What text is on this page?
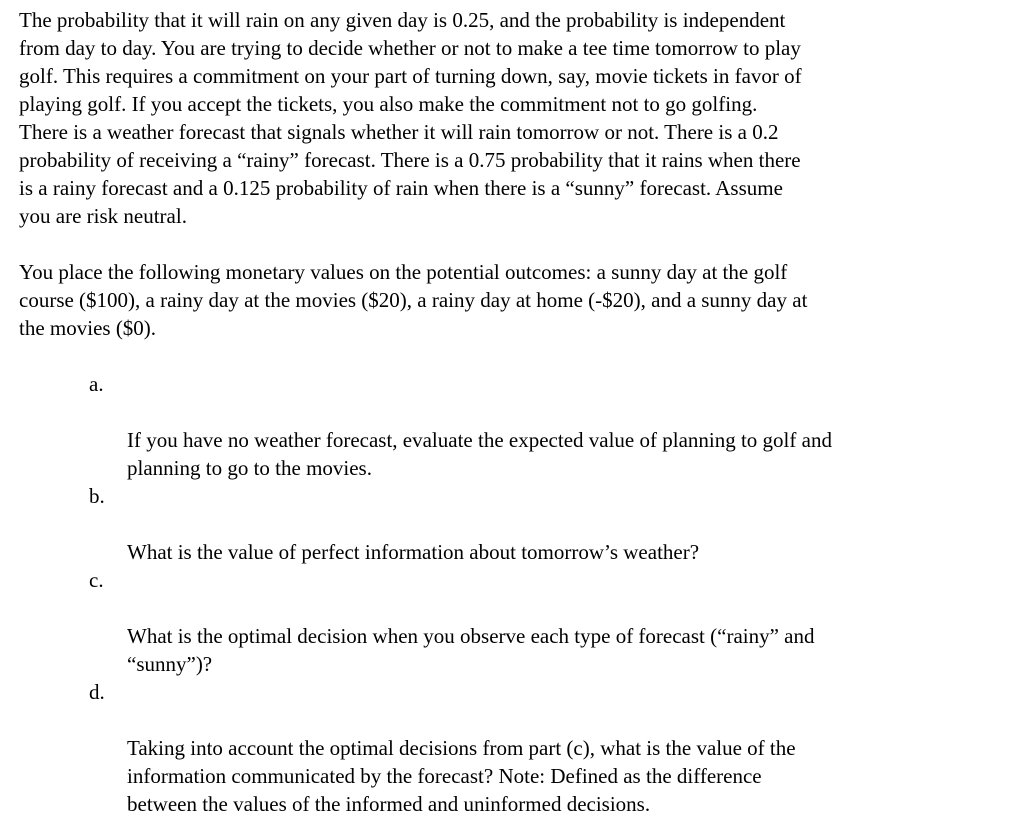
The probability that it will rain on any given day is 0.25, and the probability is independent
from day to day. You are trying to decide whether or not to make a tee time tomorrow to play
golf. This requires a commitment on your part of turning down, say, movie tickets in favor of
playing golf. If you accept the tickets, you also make the commitment not to go golfing.
There is a weather forecast that signals whether it will rain tomorrow or not. There is a 0.2
probability of receiving a “rainy” forecast. There is a 0.75 probability that it rains when there
is a rainy forecast and a 0.125 probability of rain when there is a “sunny” forecast. Assume
you are risk neutral.

You place the following monetary values on the potential outcomes: a sunny day at the golf
course ($100), a rainy day at the movies ($20), a rainy day at home (-$20), and a sunny day at
the movies ($0).

a.

If you have no weather forecast, evaluate the expected value of planning to golf and
planning to go to the movies.

b.

What is the value of perfect information about tomorrow’s weather?

c.

What is the optimal decision when you observe each type of forecast (“rainy” and
“sunny”)?

d.

Taking into account the optimal decisions from part (c), what is the value of the
information communicated by the forecast? Note: Defined as the difference
between the values of the informed and uninformed decisions.
